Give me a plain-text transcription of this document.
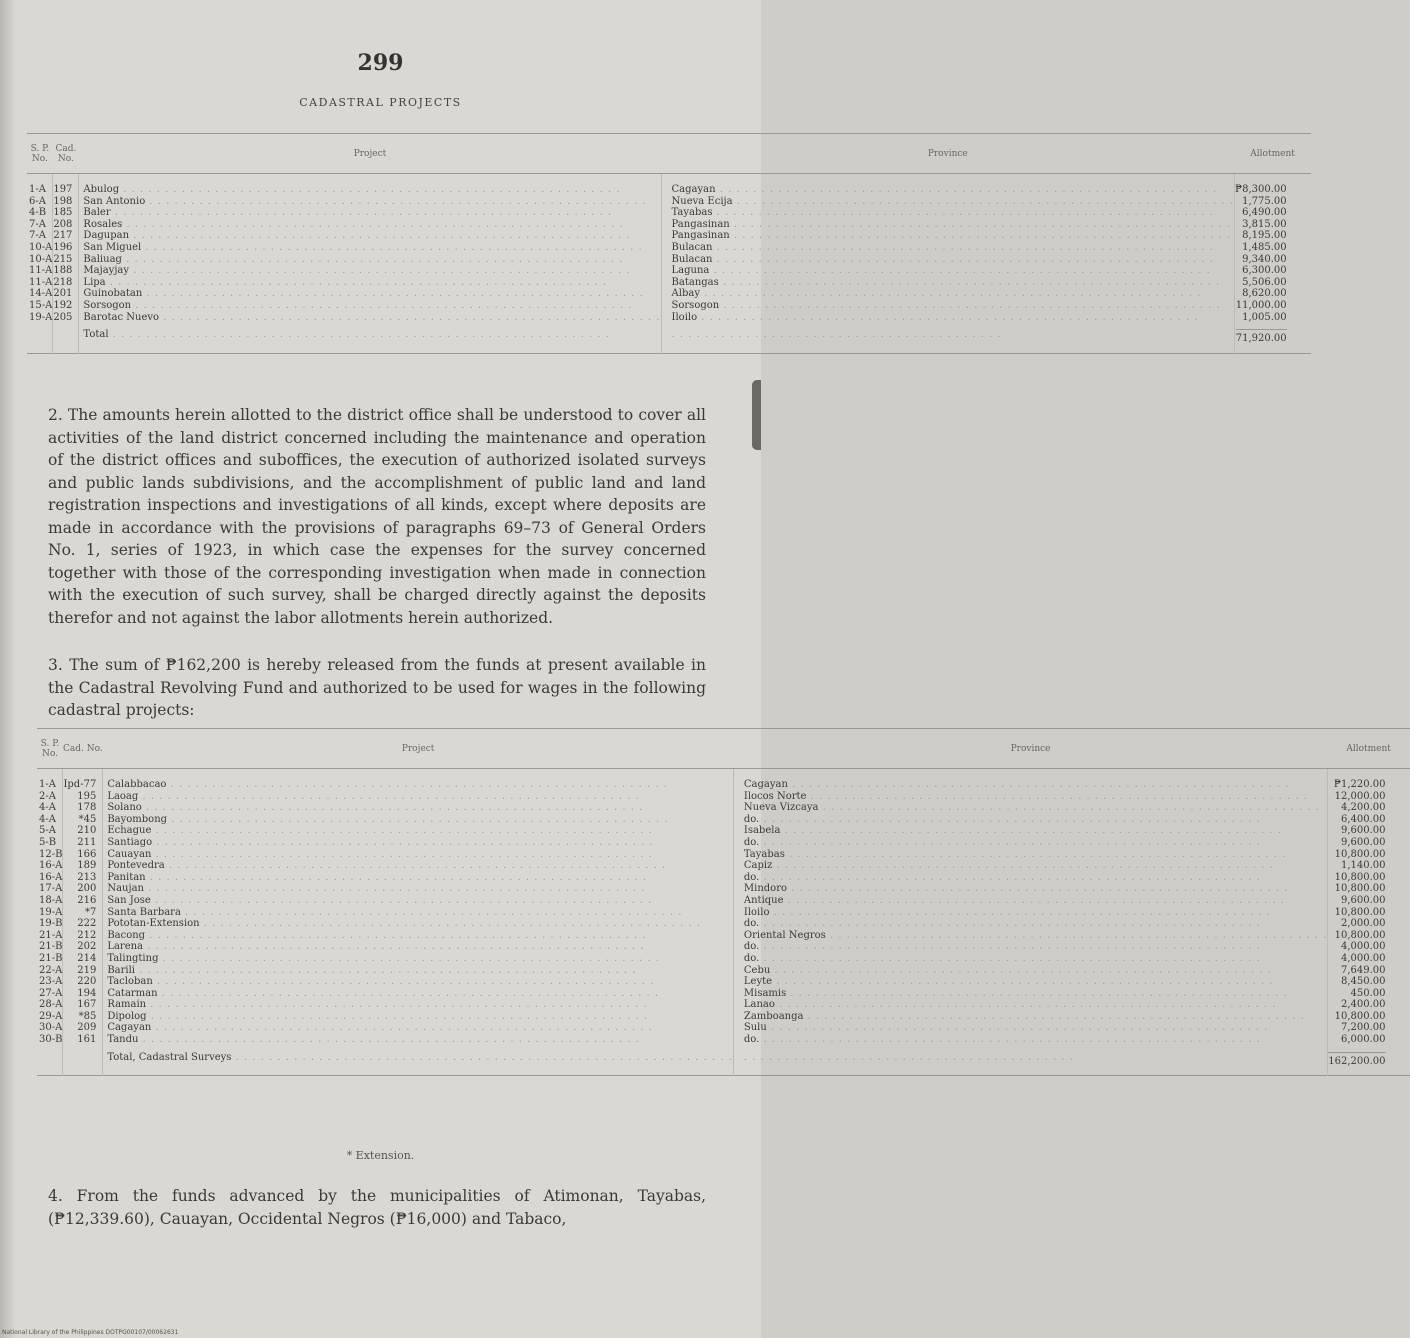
299
CADASTRAL PROJECTS
S. P. No.	Cad. No.	Project	Province	Allotment
1-A	197	Abulog . . . . . . . . . . . . . . . . . . . . . . . . . . . . . . . . . . . . . . . . . . . . . . . . . . . . . . . . . . . .	Cagayan . . . . . . . . . . . . . . . . . . . . . . . . . . . . . . . . . . . . . . . . . . . . . . . . . . . . . . . . . . . .	₱8,300.00
6-A	198	San Antonio . . . . . . . . . . . . . . . . . . . . . . . . . . . . . . . . . . . . . . . . . . . . . . . . . . . . . . . . . . . .	Nueva Ecija . . . . . . . . . . . . . . . . . . . . . . . . . . . . . . . . . . . . . . . . . . . . . . . . . . . . . . . . . . . .	1,775.00
4-B	185	Baler . . . . . . . . . . . . . . . . . . . . . . . . . . . . . . . . . . . . . . . . . . . . . . . . . . . . . . . . . . . .	Tayabas . . . . . . . . . . . . . . . . . . . . . . . . . . . . . . . . . . . . . . . . . . . . . . . . . . . . . . . . . . . .	6,490.00
7-A	208	Rosales . . . . . . . . . . . . . . . . . . . . . . . . . . . . . . . . . . . . . . . . . . . . . . . . . . . . . . . . . . . .	Pangasinan . . . . . . . . . . . . . . . . . . . . . . . . . . . . . . . . . . . . . . . . . . . . . . . . . . . . . . . . . . . .	3,815.00
7-A	217	Dagupan . . . . . . . . . . . . . . . . . . . . . . . . . . . . . . . . . . . . . . . . . . . . . . . . . . . . . . . . . . . .	Pangasinan . . . . . . . . . . . . . . . . . . . . . . . . . . . . . . . . . . . . . . . . . . . . . . . . . . . . . . . . . . . .	8,195.00
10-A	196	San Miguel . . . . . . . . . . . . . . . . . . . . . . . . . . . . . . . . . . . . . . . . . . . . . . . . . . . . . . . . . . . .	Bulacan . . . . . . . . . . . . . . . . . . . . . . . . . . . . . . . . . . . . . . . . . . . . . . . . . . . . . . . . . . . .	1,485.00
10-A	215	Baliuag . . . . . . . . . . . . . . . . . . . . . . . . . . . . . . . . . . . . . . . . . . . . . . . . . . . . . . . . . . . .	Bulacan . . . . . . . . . . . . . . . . . . . . . . . . . . . . . . . . . . . . . . . . . . . . . . . . . . . . . . . . . . . .	9,340.00
11-A	188	Majayjay . . . . . . . . . . . . . . . . . . . . . . . . . . . . . . . . . . . . . . . . . . . . . . . . . . . . . . . . . . . .	Laguna . . . . . . . . . . . . . . . . . . . . . . . . . . . . . . . . . . . . . . . . . . . . . . . . . . . . . . . . . . . .	6,300.00
11-A	218	Lipa . . . . . . . . . . . . . . . . . . . . . . . . . . . . . . . . . . . . . . . . . . . . . . . . . . . . . . . . . . . .	Batangas . . . . . . . . . . . . . . . . . . . . . . . . . . . . . . . . . . . . . . . . . . . . . . . . . . . . . . . . . . . .	5,506.00
14-A	201	Guinobatan . . . . . . . . . . . . . . . . . . . . . . . . . . . . . . . . . . . . . . . . . . . . . . . . . . . . . . . . . . . .	Albay . . . . . . . . . . . . . . . . . . . . . . . . . . . . . . . . . . . . . . . . . . . . . . . . . . . . . . . . . . . .	8,620.00
15-A	192	Sorsogon . . . . . . . . . . . . . . . . . . . . . . . . . . . . . . . . . . . . . . . . . . . . . . . . . . . . . . . . . . . .	Sorsogon . . . . . . . . . . . . . . . . . . . . . . . . . . . . . . . . . . . . . . . . . . . . . . . . . . . . . . . . . . . .	11,000.00
19-A	205	Barotac Nuevo . . . . . . . . . . . . . . . . . . . . . . . . . . . . . . . . . . . . . . . . . . . . . . . . . . . . . . . . . . . .	Iloilo . . . . . . . . . . . . . . . . . . . . . . . . . . . . . . . . . . . . . . . . . . . . . . . . . . . . . . . . . . . .	1,005.00
		Total . . . . . . . . . . . . . . . . . . . . . . . . . . . . . . . . . . . . . . . . . . . . . . . . . . . . . . . . . . . .	. . . . . . . . . . . . . . . . . . . . . . . . . . . . . . . . . . . . . . . .	71,920.00
2. The amounts herein allotted to the district office shall be understood to cover all activities of the land district concerned including the maintenance and operation of the district offices and suboffices, the execution of authorized isolated surveys and public lands subdivisions, and the accomplishment of public land and land registration inspections and investigations of all kinds, except where deposits are made in accordance with the provisions of paragraphs 69–73 of General Orders No. 1, series of 1923, in which case the expenses for the survey concerned together with those of the corresponding investigation when made in connection with the execution of such survey, shall be charged directly against the deposits therefor and not against the labor allotments herein authorized.
3. The sum of ₱162,200 is hereby released from the funds at present available in the Cadastral Revolving Fund and authorized to be used for wages in the following cadastral projects:
S. P. No.	Cad. No.	Project	Province	Allotment
1-A	Ipd-77	Calabbacao . . . . . . . . . . . . . . . . . . . . . . . . . . . . . . . . . . . . . . . . . . . . . . . . . . . . . . . . . . . .	Cagayan . . . . . . . . . . . . . . . . . . . . . . . . . . . . . . . . . . . . . . . . . . . . . . . . . . . . . . . . . . . .	₱1,220.00
2-A	195	Laoag . . . . . . . . . . . . . . . . . . . . . . . . . . . . . . . . . . . . . . . . . . . . . . . . . . . . . . . . . . . .	Ilocos Norte . . . . . . . . . . . . . . . . . . . . . . . . . . . . . . . . . . . . . . . . . . . . . . . . . . . . . . . . . . . .	12,000.00
4-A	178	Solano . . . . . . . . . . . . . . . . . . . . . . . . . . . . . . . . . . . . . . . . . . . . . . . . . . . . . . . . . . . .	Nueva Vizcaya . . . . . . . . . . . . . . . . . . . . . . . . . . . . . . . . . . . . . . . . . . . . . . . . . . . . . . . . . . . .	4,200.00
4-A	*45	Bayombong . . . . . . . . . . . . . . . . . . . . . . . . . . . . . . . . . . . . . . . . . . . . . . . . . . . . . . . . . . . .	do. . . . . . . . . . . . . . . . . . . . . . . . . . . . . . . . . . . . . . . . . . . . . . . . . . . . . . . . . . . . .	6,400.00
5-A	210	Echague . . . . . . . . . . . . . . . . . . . . . . . . . . . . . . . . . . . . . . . . . . . . . . . . . . . . . . . . . . . .	Isabela . . . . . . . . . . . . . . . . . . . . . . . . . . . . . . . . . . . . . . . . . . . . . . . . . . . . . . . . . . . .	9,600.00
5-B	211	Santiago . . . . . . . . . . . . . . . . . . . . . . . . . . . . . . . . . . . . . . . . . . . . . . . . . . . . . . . . . . . .	do. . . . . . . . . . . . . . . . . . . . . . . . . . . . . . . . . . . . . . . . . . . . . . . . . . . . . . . . . . . . .	9,600.00
12-B	166	Cauayan . . . . . . . . . . . . . . . . . . . . . . . . . . . . . . . . . . . . . . . . . . . . . . . . . . . . . . . . . . . .	Tayabas . . . . . . . . . . . . . . . . . . . . . . . . . . . . . . . . . . . . . . . . . . . . . . . . . . . . . . . . . . . .	10,800.00
16-A	189	Pontevedra . . . . . . . . . . . . . . . . . . . . . . . . . . . . . . . . . . . . . . . . . . . . . . . . . . . . . . . . . . . .	Capiz . . . . . . . . . . . . . . . . . . . . . . . . . . . . . . . . . . . . . . . . . . . . . . . . . . . . . . . . . . . .	1,140.00
16-A	213	Panitan . . . . . . . . . . . . . . . . . . . . . . . . . . . . . . . . . . . . . . . . . . . . . . . . . . . . . . . . . . . .	do. . . . . . . . . . . . . . . . . . . . . . . . . . . . . . . . . . . . . . . . . . . . . . . . . . . . . . . . . . . . .	10,800.00
17-A	200	Naujan . . . . . . . . . . . . . . . . . . . . . . . . . . . . . . . . . . . . . . . . . . . . . . . . . . . . . . . . . . . .	Mindoro . . . . . . . . . . . . . . . . . . . . . . . . . . . . . . . . . . . . . . . . . . . . . . . . . . . . . . . . . . . .	10,800.00
18-A	216	San Jose . . . . . . . . . . . . . . . . . . . . . . . . . . . . . . . . . . . . . . . . . . . . . . . . . . . . . . . . . . . .	Antique . . . . . . . . . . . . . . . . . . . . . . . . . . . . . . . . . . . . . . . . . . . . . . . . . . . . . . . . . . . .	9,600.00
19-A	*7	Santa Barbara . . . . . . . . . . . . . . . . . . . . . . . . . . . . . . . . . . . . . . . . . . . . . . . . . . . . . . . . . . . .	Iloilo . . . . . . . . . . . . . . . . . . . . . . . . . . . . . . . . . . . . . . . . . . . . . . . . . . . . . . . . . . . .	10,800.00
19-B	222	Pototan-Extension . . . . . . . . . . . . . . . . . . . . . . . . . . . . . . . . . . . . . . . . . . . . . . . . . . . . . . . . . . . .	do. . . . . . . . . . . . . . . . . . . . . . . . . . . . . . . . . . . . . . . . . . . . . . . . . . . . . . . . . . . . .	2,000.00
21-A	212	Bacong . . . . . . . . . . . . . . . . . . . . . . . . . . . . . . . . . . . . . . . . . . . . . . . . . . . . . . . . . . . .	Oriental Negros . . . . . . . . . . . . . . . . . . . . . . . . . . . . . . . . . . . . . . . . . . . . . . . . . . . . . . . . . . . .	10,800.00
21-B	202	Larena . . . . . . . . . . . . . . . . . . . . . . . . . . . . . . . . . . . . . . . . . . . . . . . . . . . . . . . . . . . .	do. . . . . . . . . . . . . . . . . . . . . . . . . . . . . . . . . . . . . . . . . . . . . . . . . . . . . . . . . . . . .	4,000.00
21-B	214	Talingting . . . . . . . . . . . . . . . . . . . . . . . . . . . . . . . . . . . . . . . . . . . . . . . . . . . . . . . . . . . .	do. . . . . . . . . . . . . . . . . . . . . . . . . . . . . . . . . . . . . . . . . . . . . . . . . . . . . . . . . . . . .	4,000.00
22-A	219	Barili . . . . . . . . . . . . . . . . . . . . . . . . . . . . . . . . . . . . . . . . . . . . . . . . . . . . . . . . . . . .	Cebu . . . . . . . . . . . . . . . . . . . . . . . . . . . . . . . . . . . . . . . . . . . . . . . . . . . . . . . . . . . .	7,649.00
23-A	220	Tacloban . . . . . . . . . . . . . . . . . . . . . . . . . . . . . . . . . . . . . . . . . . . . . . . . . . . . . . . . . . . .	Leyte . . . . . . . . . . . . . . . . . . . . . . . . . . . . . . . . . . . . . . . . . . . . . . . . . . . . . . . . . . . .	8,450.00
27-A	194	Catarman . . . . . . . . . . . . . . . . . . . . . . . . . . . . . . . . . . . . . . . . . . . . . . . . . . . . . . . . . . . .	Misamis . . . . . . . . . . . . . . . . . . . . . . . . . . . . . . . . . . . . . . . . . . . . . . . . . . . . . . . . . . . .	450.00
28-A	167	Ramain . . . . . . . . . . . . . . . . . . . . . . . . . . . . . . . . . . . . . . . . . . . . . . . . . . . . . . . . . . . .	Lanao . . . . . . . . . . . . . . . . . . . . . . . . . . . . . . . . . . . . . . . . . . . . . . . . . . . . . . . . . . . .	2,400.00
29-A	*85	Dipolog . . . . . . . . . . . . . . . . . . . . . . . . . . . . . . . . . . . . . . . . . . . . . . . . . . . . . . . . . . . .	Zamboanga . . . . . . . . . . . . . . . . . . . . . . . . . . . . . . . . . . . . . . . . . . . . . . . . . . . . . . . . . . . .	10,800.00
30-A	209	Cagayan . . . . . . . . . . . . . . . . . . . . . . . . . . . . . . . . . . . . . . . . . . . . . . . . . . . . . . . . . . . .	Sulu . . . . . . . . . . . . . . . . . . . . . . . . . . . . . . . . . . . . . . . . . . . . . . . . . . . . . . . . . . . .	7,200.00
30-B	161	Tandu . . . . . . . . . . . . . . . . . . . . . . . . . . . . . . . . . . . . . . . . . . . . . . . . . . . . . . . . . . . .	do. . . . . . . . . . . . . . . . . . . . . . . . . . . . . . . . . . . . . . . . . . . . . . . . . . . . . . . . . . . . .	6,000.00
		Total, Cadastral Surveys . . . . . . . . . . . . . . . . . . . . . . . . . . . . . . . . . . . . . . . . . . . . . . . . . . . . . . . . . . . .	. . . . . . . . . . . . . . . . . . . . . . . . . . . . . . . . . . . . . . . .	162,200.00
* Extension.
4. From the funds advanced by the municipalities of Atimonan, Tayabas, (₱12,339.60), Cauayan, Occidental Negros (₱16,000) and Tabaco,
National Library of the Philippines DOTPG00107/00062631
